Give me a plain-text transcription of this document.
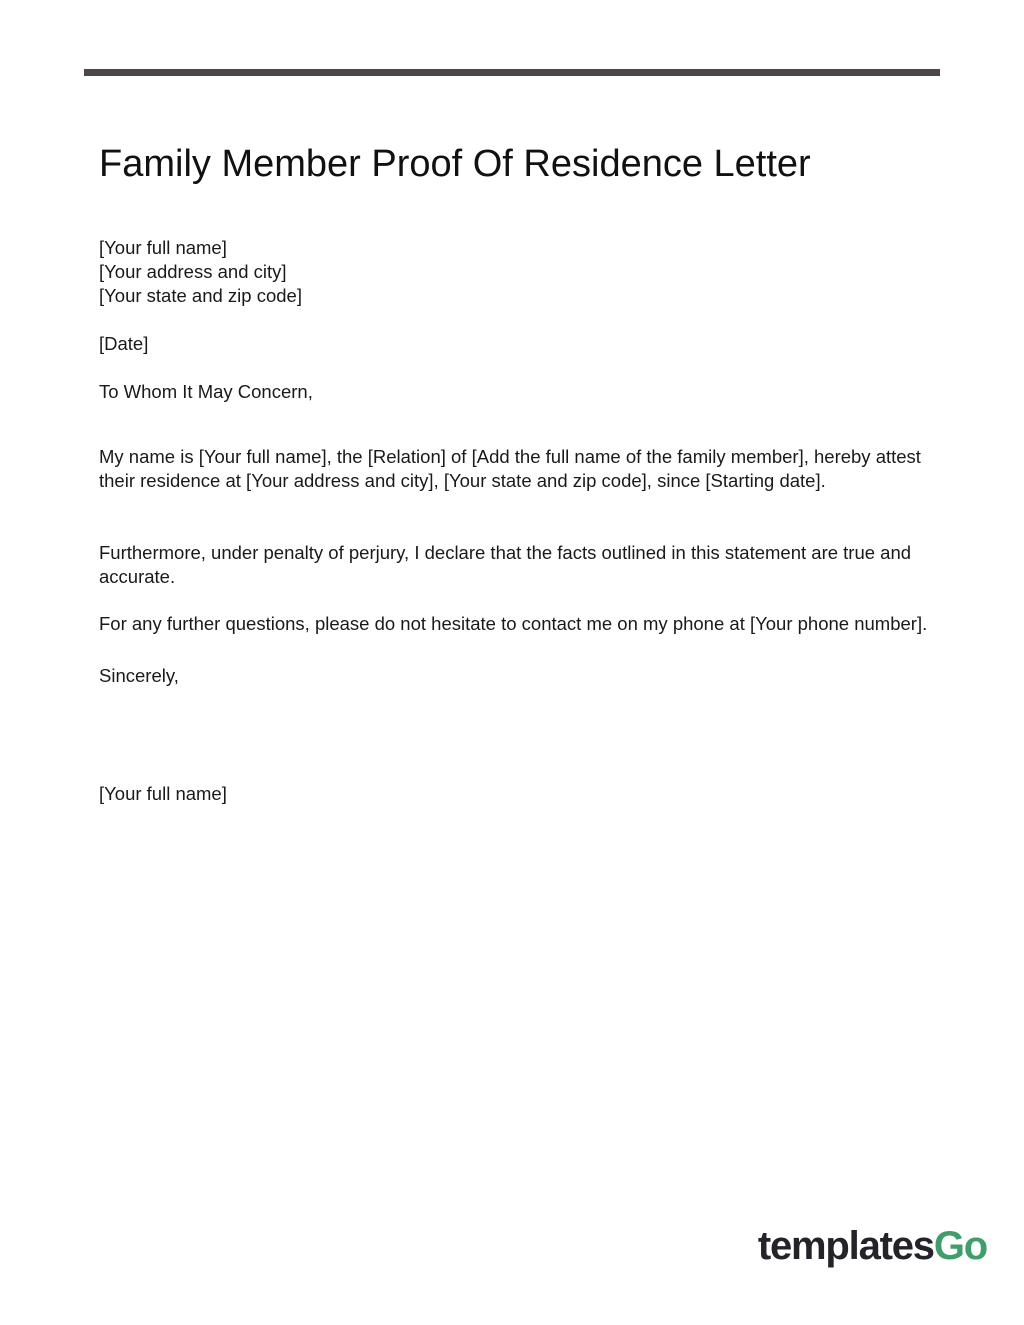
Family Member Proof Of Residence Letter
[Your full name]
[Your address and city]
[Your state and zip code]
[Date]
To Whom It May Concern,

My name is [Your full name], the [Relation] of [Add the full name of the family member], hereby attest their residence at [Your address and city], [Your state and zip code], since [Starting date].

Furthermore, under penalty of perjury, I declare that the facts outlined in this statement are true and accurate.

For any further questions, please do not hesitate to contact me on my phone at [Your phone number].

Sincerely,
[Your full name]
templatesGo
